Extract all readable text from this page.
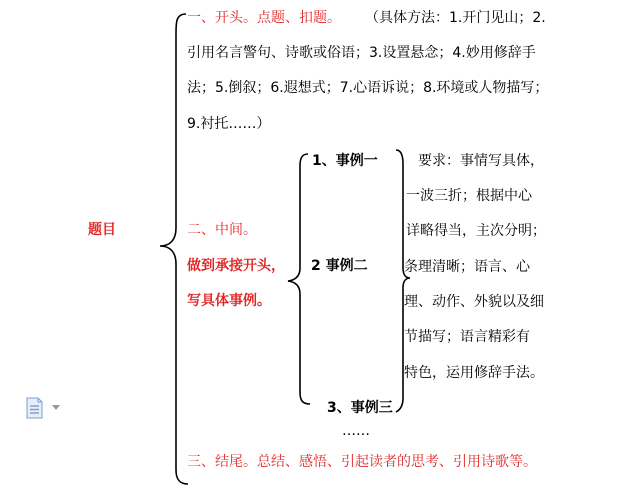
题目
一、开头。点题、扣题。 （具体方法：1.开门见山；2.
引用名言警句、诗歌或俗语；3.设置悬念；4.妙用修辞手
法；5.倒叙；6.遐想式；7.心语诉说；8.环境或人物描写；
9.衬托……）
二、中间。
做到承接开头，
写具体事例。
1、事例一
2 事例二
3、事例三
……
要求：事情写具体，
一波三折；根据中心
详略得当，主次分明；
条理清晰；语言、心
理、动作、外貌以及细
节描写；语言精彩有
特色，运用修辞手法。
三、结尾。总结、感悟、引起读者的思考、引用诗歌等。
